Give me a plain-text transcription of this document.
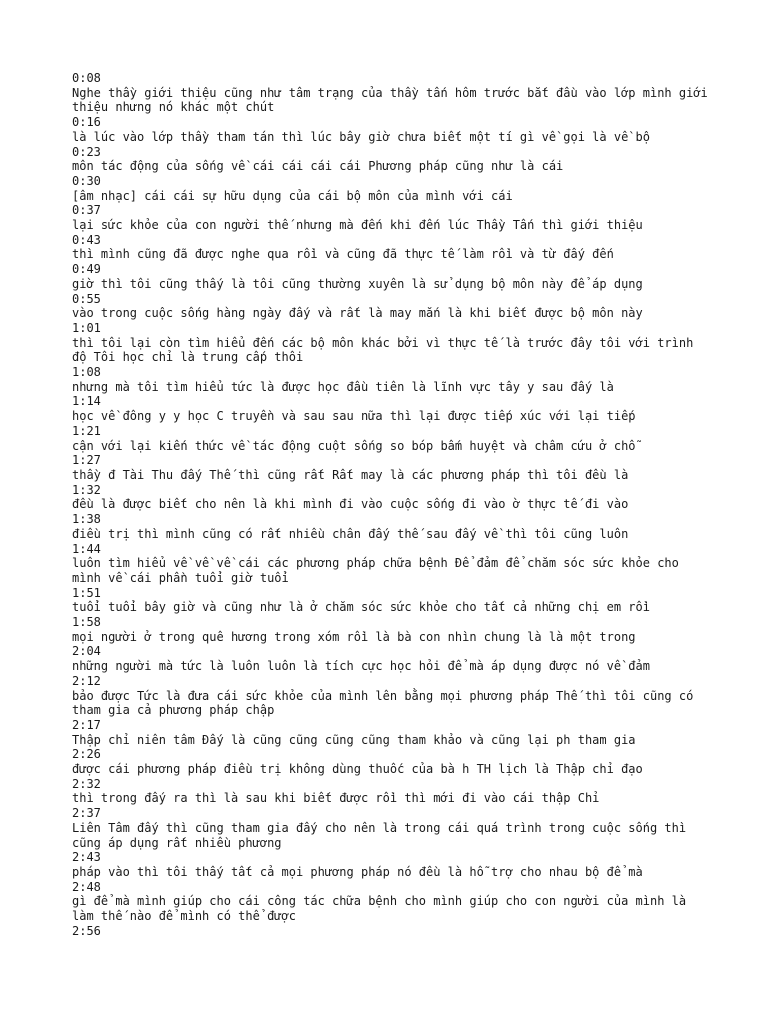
0:08
Nghe thầy giới thiệu cũng như tâm trạng của thầy tấn hôm trước bắt đầu vào lớp mình giới thiệu nhưng nó khác một chút
0:16
là lúc vào lớp thầy tham tán thì lúc bây giờ chưa biết một tí gì về gọi là về bộ
0:23
môn tác động của sống về cái cái cái cái Phương pháp cũng như là cái
0:30
[âm nhạc] cái cái sự hữu dụng của cái bộ môn của mình với cái
0:37
lại sức khỏe của con người thế nhưng mà đến khi đến lúc Thầy Tấn thì giới thiệu
0:43
thì mình cũng đã được nghe qua rồi và cũng đã thực tế làm rồi và từ đấy đến
0:49
giờ thì tôi cũng thấy là tôi cũng thường xuyên là sử dụng bộ môn này để áp dụng
0:55
vào trong cuộc sống hàng ngày đấy và rất là may mắn là khi biết được bộ môn này
1:01
thì tôi lại còn tìm hiểu đến các bộ môn khác bởi vì thực tế là trước đây tôi với trình độ Tôi học chỉ là trung cấp thôi
1:08
nhưng mà tôi tìm hiểu tức là được học đầu tiên là lĩnh vực tây y sau đấy là
1:14
học về đông y y học C truyền và sau sau nữa thì lại được tiếp xúc với lại tiếp
1:21
cận với lại kiến thức về tác động cuột sống so bóp bấm huyệt và châm cứu ở chỗ
1:27
thầy đ Tài Thu đấy Thế thì cũng rất Rất may là các phương pháp thì tôi đều là
1:32
đều là được biết cho nên là khi mình đi vào cuộc sống đi vào ờ thực tế đi vào
1:38
điều trị thì mình cũng có rất nhiều chân đấy thế sau đấy về thì tôi cũng luôn
1:44
luôn tìm hiểu về về về cái các phương pháp chữa bệnh Để đảm để chăm sóc sức khỏe cho mình về cái phần tuổi giờ tuổi
1:51
tuổi tuổi bây giờ và cũng như là ở chăm sóc sức khỏe cho tất cả những chị em rồi
1:58
mọi người ở trong quê hương trong xóm rồi là bà con nhìn chung là là một trong
2:04
những người mà tức là luôn luôn là tích cực học hỏi để mà áp dụng được nó về đảm
2:12
bảo được Tức là đưa cái sức khỏe của mình lên bằng mọi phương pháp Thế thì tôi cũng có tham gia cả phương pháp chập
2:17
Thập chỉ niên tâm Đấy là cũng cũng cũng cũng tham khảo và cũng lại ph tham gia
2:26
được cái phương pháp điều trị không dùng thuốc của bà h TH lịch là Thập chỉ đạo
2:32
thì trong đấy ra thì là sau khi biết được rồi thì mới đi vào cái thập Chỉ
2:37
Liên Tâm đấy thì cũng tham gia đấy cho nên là trong cái quá trình trong cuộc sống thì cũng áp dụng rất nhiều phương
2:43
pháp vào thì tôi thấy tất cả mọi phương pháp nó đều là hỗ trợ cho nhau bộ để mà
2:48
gì để mà mình giúp cho cái công tác chữa bệnh cho mình giúp cho con người của mình là làm thế nào để mình có thể được
2:56
